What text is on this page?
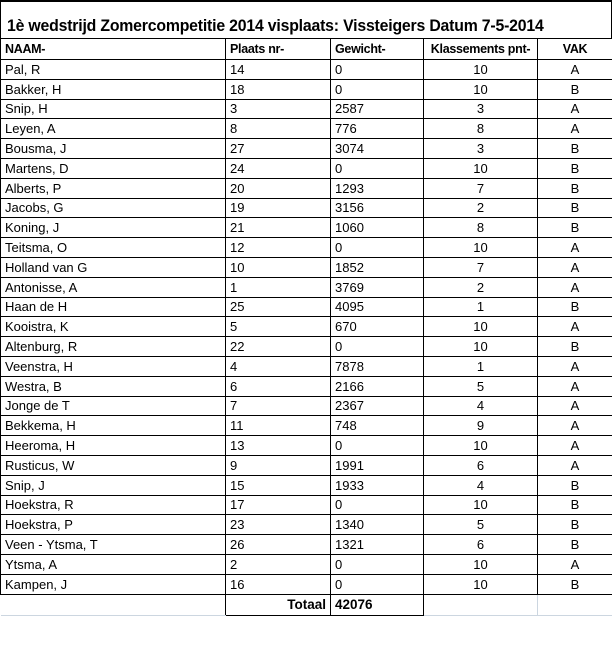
1è wedstrijd Zomercompetitie 2014 visplaats: Vissteigers Datum 7-5-2014
NAAM-	Plaats nr-	Gewicht-	Klassements pnt-	VAK
Pal, R	14	0	10	A
Bakker, H	18	0	10	B
Snip, H	3	2587	3	A
Leyen, A	8	776	8	A
Bousma, J	27	3074	3	B
Martens, D	24	0	10	B
Alberts, P	20	1293	7	B
Jacobs, G	19	3156	2	B
Koning, J	21	1060	8	B
Teitsma, O	12	0	10	A
Holland van G	10	1852	7	A
Antonisse, A	1	3769	2	A
Haan de H	25	4095	1	B
Kooistra, K	5	670	10	A
Altenburg, R	22	0	10	B
Veenstra, H	4	7878	1	A
Westra, B	6	2166	5	A
Jonge de T	7	2367	4	A
Bekkema, H	11	748	9	A
Heeroma, H	13	0	10	A
Rusticus, W	9	1991	6	A
Snip, J	15	1933	4	B
Hoekstra, R	17	0	10	B
Hoekstra, P	23	1340	5	B
Veen - Ytsma, T	26	1321	6	B
Ytsma, A	2	0	10	A
Kampen, J	16	0	10	B
	Totaal	42076		
